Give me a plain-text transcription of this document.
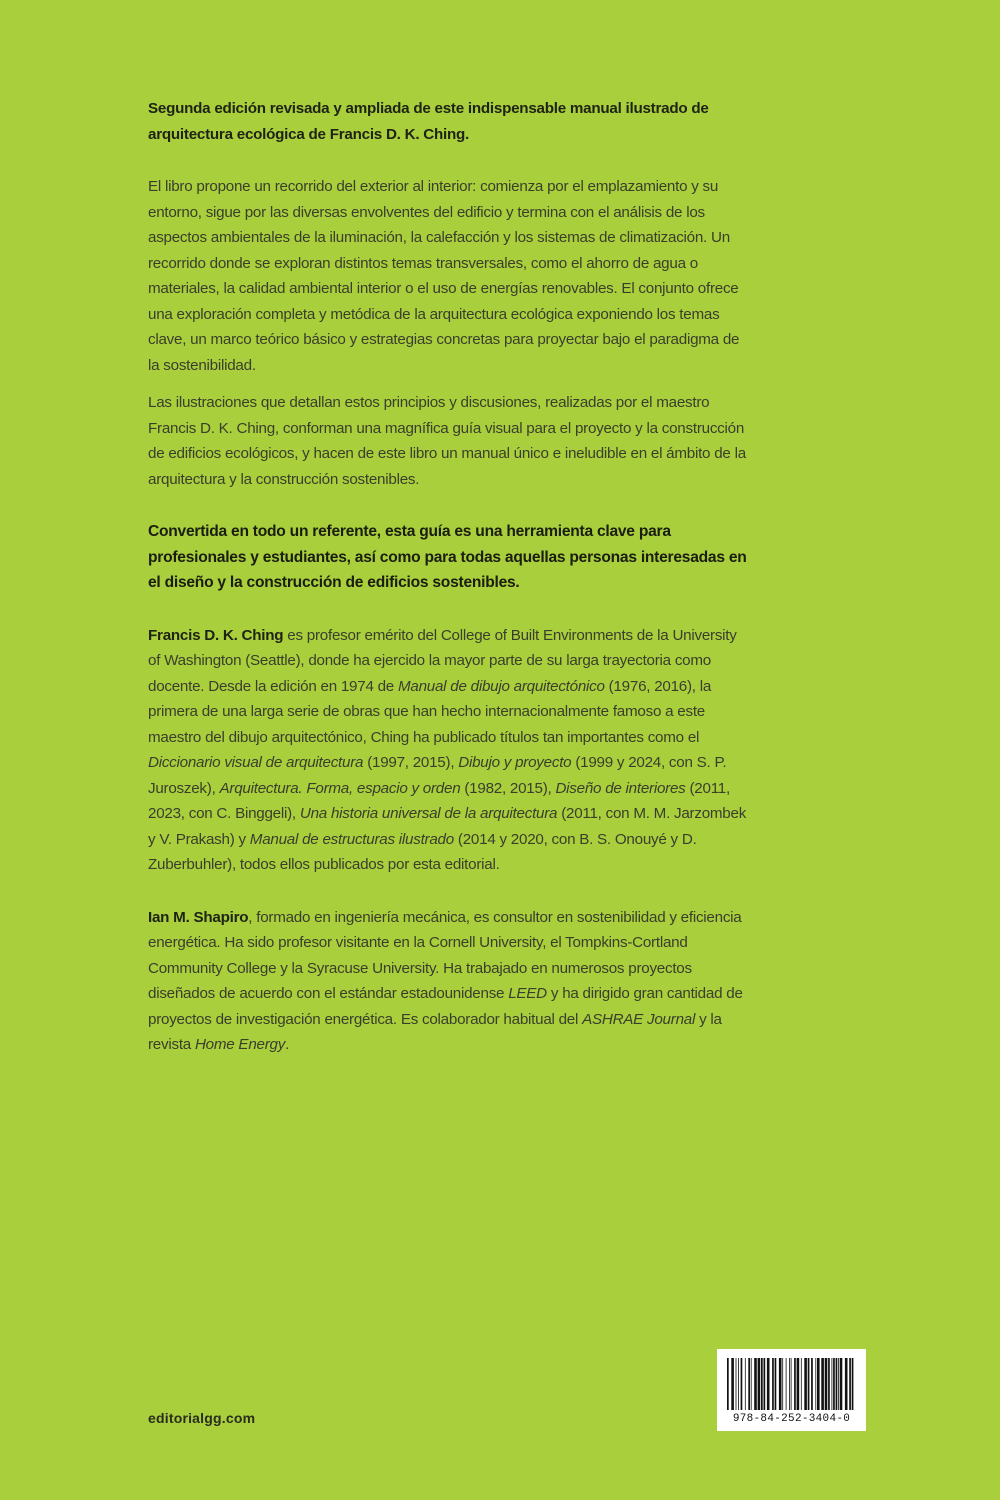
Segunda edición revisada y ampliada de este indispensable manual ilustrado de arquitectura ecológica de Francis D. K. Ching.

El libro propone un recorrido del exterior al interior: comienza por el emplazamiento y su entorno, sigue por las diversas envolventes del edificio y termina con el análisis de los aspectos ambientales de la iluminación, la calefacción y los sistemas de climatización. Un recorrido donde se exploran distintos temas transversales, como el ahorro de agua o materiales, la calidad ambiental interior o el uso de energías renovables. El conjunto ofrece una exploración completa y metódica de la arquitectura ecológica exponiendo los temas clave, un marco teórico básico y estrategias concretas para proyectar bajo el paradigma de la sostenibilidad.

Las ilustraciones que detallan estos principios y discusiones, realizadas por el maestro Francis D. K. Ching, conforman una magnífica guía visual para el proyecto y la construcción de edificios ecológicos, y hacen de este libro un manual único e ineludible en el ámbito de la arquitectura y la construcción sostenibles.

Convertida en todo un referente, esta guía es una herramienta clave para profesionales y estudiantes, así como para todas aquellas personas interesadas en el diseño y la construcción de edificios sostenibles.

Francis D. K. Ching es profesor emérito del College of Built Environments de la University of Washington (Seattle), donde ha ejercido la mayor parte de su larga trayectoria como docente. Desde la edición en 1974 de Manual de dibujo arquitectónico (1976, 2016), la primera de una larga serie de obras que han hecho internacionalmente famoso a este maestro del dibujo arquitectónico, Ching ha publicado títulos tan importantes como el Diccionario visual de arquitectura (1997, 2015), Dibujo y proyecto (1999 y 2024, con S. P. Juroszek), Arquitectura. Forma, espacio y orden (1982, 2015), Diseño de interiores (2011, 2023, con C. Binggeli), Una historia universal de la arquitectura (2011, con M. M. Jarzombek y V. Prakash) y Manual de estructuras ilustrado (2014 y 2020, con B. S. Onouyé y D. Zuberbuhler), todos ellos publicados por esta editorial.

Ian M. Shapiro, formado en ingeniería mecánica, es consultor en sostenibilidad y eficiencia energética. Ha sido profesor visitante en la Cornell University, el Tompkins-Cortland Community College y la Syracuse University. Ha trabajado en numerosos proyectos diseñados de acuerdo con el estándar estadounidense LEED y ha dirigido gran cantidad de proyectos de investigación energética. Es colaborador habitual del ASHRAE Journal y la revista Home Energy.

editorialgg.com	978-84-252-3404-0
